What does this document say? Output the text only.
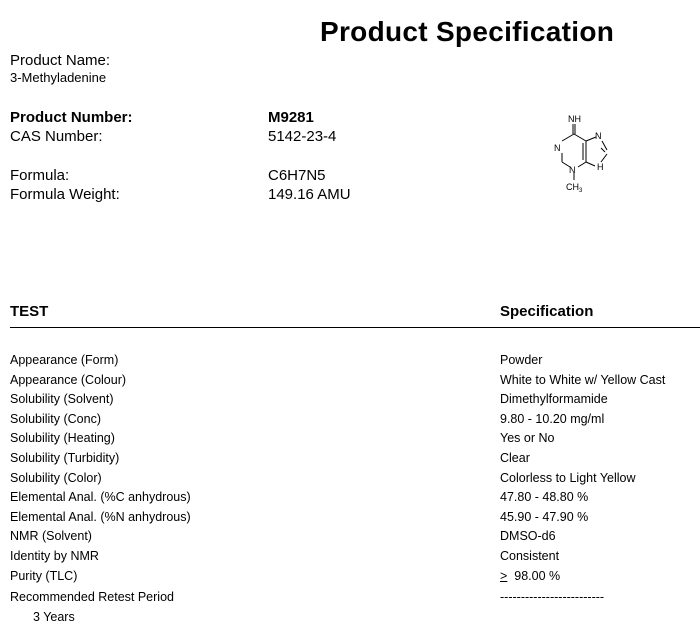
Product Specification
Product Name:
3-Methyladenine
Product Number:	M9281
CAS Number:	5142-23-4
Formula:	C6H7N5
Formula Weight:	149.16 AMU
NH
N
N
N H
$CH_3$
TEST	Specification
Appearance (Form)	Powder
Appearance (Colour)	White to White w/ Yellow Cast
Solubility (Solvent)	Dimethylformamide
Solubility (Conc)	9.80 - 10.20 mg/ml
Solubility (Heating)	Yes or No
Solubility (Turbidity)	Clear
Solubility (Color)	Colorless to Light Yellow
Elemental Anal. (%C anhydrous)	47.80 - 48.80 %
Elemental Anal. (%N anhydrous)	45.90 - 47.90 %
NMR (Solvent)	DMSO-d6
Identity by NMR	Consistent
Purity (TLC)	≥ 98.00 %
Recommended Retest Period	-------------------------
3 Years
